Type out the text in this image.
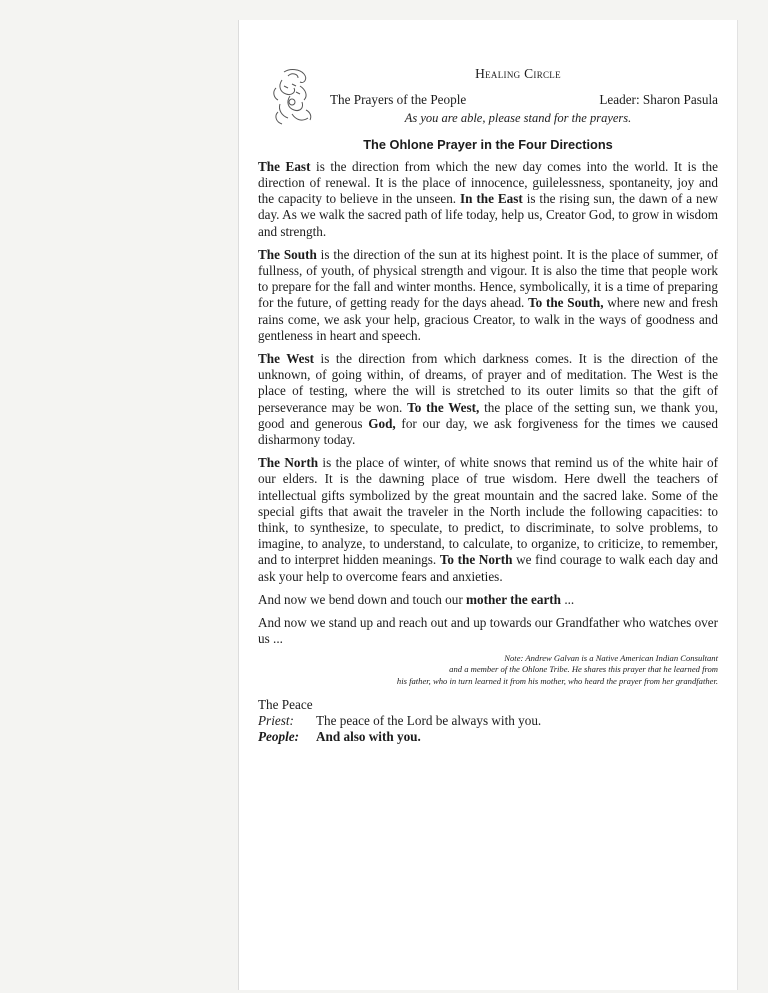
Healing Circle
The Prayers of the People	Leader: Sharon Pasula
As you are able, please stand for the prayers.
The Ohlone Prayer in the Four Directions

The East is the direction from which the new day comes into the world. It is the direction of renewal. It is the place of innocence, guilelessness, spontaneity, joy and the capacity to believe in the unseen. In the East is the rising sun, the dawn of a new day. As we walk the sacred path of life today, help us, Creator God, to grow in wisdom and strength.

The South is the direction of the sun at its highest point. It is the place of summer, of fullness, of youth, of physical strength and vigour. It is also the time that people work to prepare for the fall and winter months. Hence, symbolically, it is a time of preparing for the future, of getting ready for the days ahead. To the South, where new and fresh rains come, we ask your help, gracious Creator, to walk in the ways of goodness and gentleness in heart and speech.

The West is the direction from which darkness comes. It is the direction of the unknown, of going within, of dreams, of prayer and of meditation. The West is the place of testing, where the will is stretched to its outer limits so that the gift of perseverance may be won. To the West, the place of the setting sun, we thank you, good and generous God, for our day, we ask forgiveness for the times we caused disharmony today.

The North is the place of winter, of white snows that remind us of the white hair of our elders. It is the dawning place of true wisdom. Here dwell the teachers of intellectual gifts symbolized by the great mountain and the sacred lake. Some of the special gifts that await the traveler in the North include the following capacities: to think, to synthesize, to speculate, to predict, to discriminate, to solve problems, to imagine, to analyze, to understand, to calculate, to organize, to criticize, to remember, and to interpret hidden meanings. To the North we find courage to walk each day and ask your help to overcome fears and anxieties.

And now we bend down and touch our mother the earth ...

And now we stand up and reach out and up towards our Grandfather who watches over us ...

Note: Andrew Galvan is a Native American Indian Consultant
and a member of the Ohlone Tribe. He shares this prayer that he learned from
his father, who in turn learned it from his mother, who heard the prayer from her grandfather.
The Peace
Priest:	The peace of the Lord be always with you.
People:	And also with you.
